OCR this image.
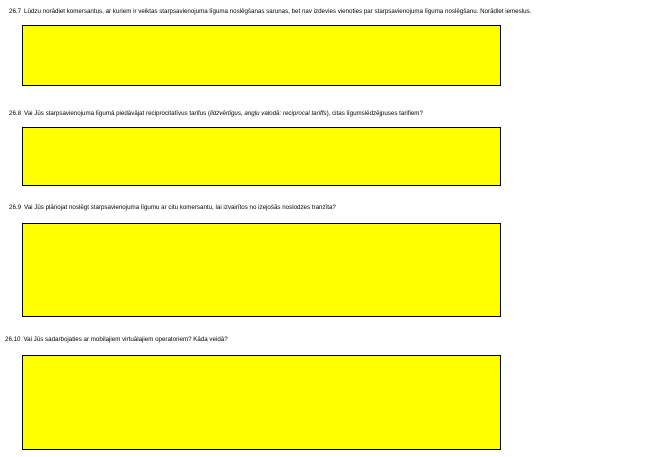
26.7 Lūdzu norādiet komersantus, ar kuriem ir veiktas starpsavienojuma līguma noslēgšanas sarunas, bet nav izdevies vienoties par starpsavienojuma līguma noslēgšanu. Norādiet iemeslus.
26.8 Vai Jūs starpsavienojuma līgumā piedāvājat reciprocitatīvus tarifus (līdzvērtīgus, angļu valodā: reciprocal tariffs), citas līgumslēdzējpuses tarifiem?
26.9 Vai Jūs plānojat noslēgt starpsavienojuma līgumu ar citu komersantu, lai izvairītos no izejošās noslodzes tranzīta?
26.10 Vai Jūs sadarbojaties ar mobilajiem virtuālajiem operatoriem? Kāda veidā?
